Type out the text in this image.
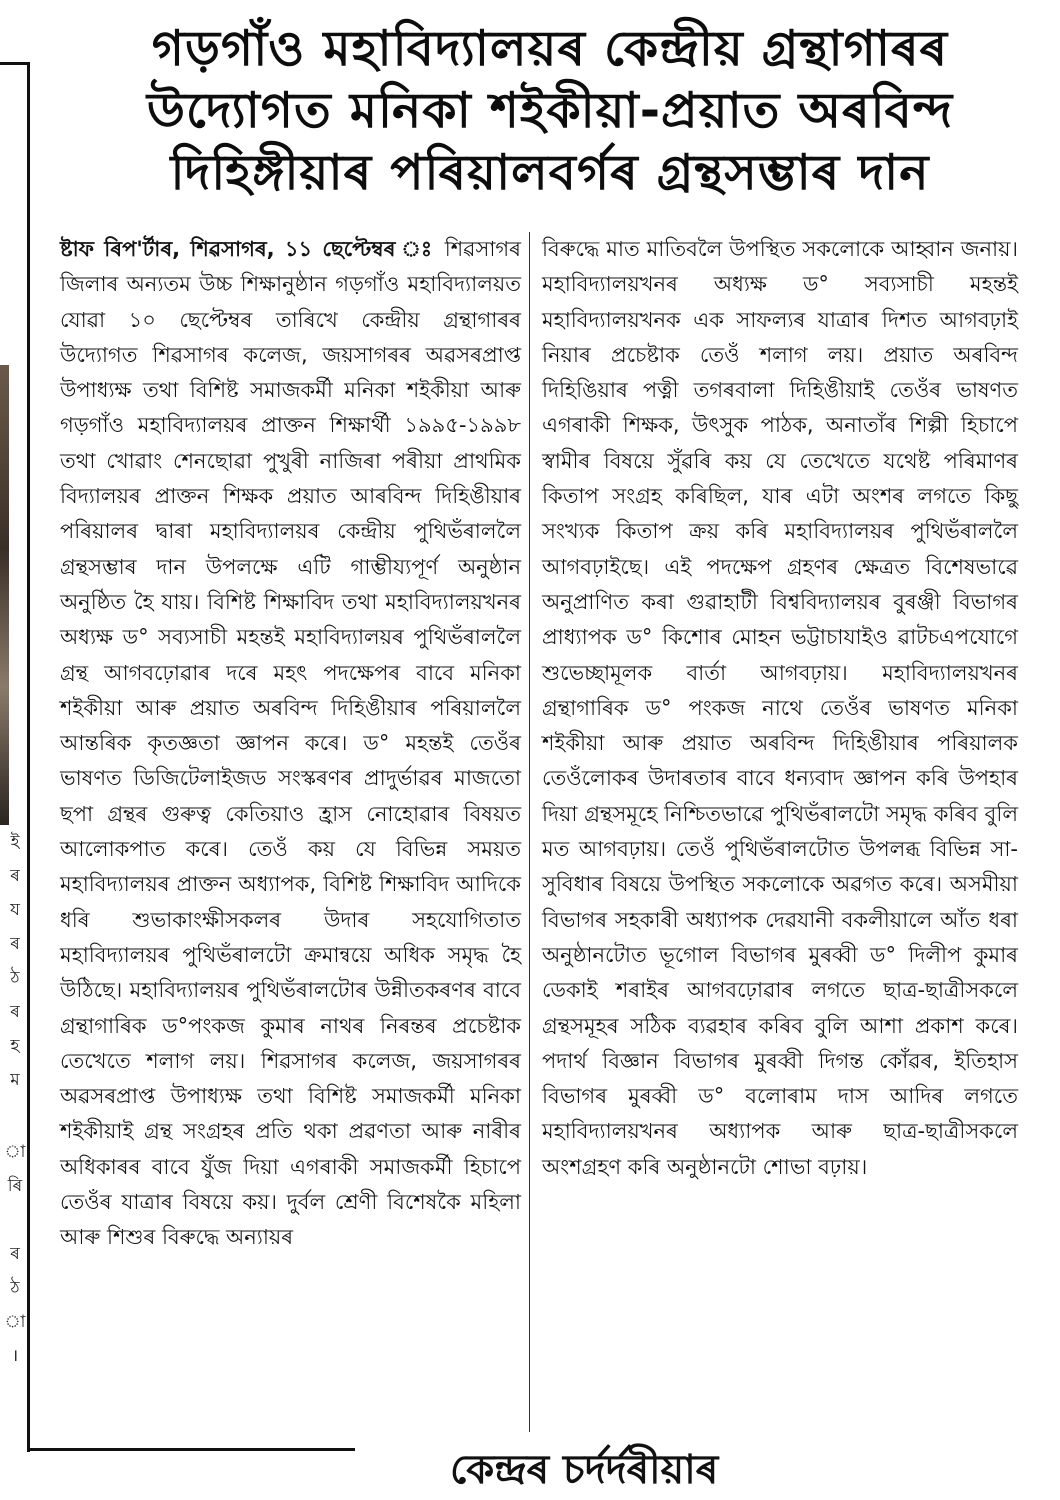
ই
ৰ
য
ৰ
ঠ
ৰ
হ
ম
া
ৰি
ৰ
ঠ
া
।
গড়গাঁও মহাবিদ্যালয়ৰ কেন্দ্ৰীয় গ্ৰন্থাগাৰৰ
উদ্যোগত মনিকা শইকীয়া-প্ৰয়াত অৰবিন্দ
দিহিঙ্গীয়াৰ পৰিয়ালবৰ্গৰ গ্ৰন্থসম্ভাৰ দান

ষ্টাফ ৰিপ'ৰ্টাৰ, শিৱসাগৰ, ১১ ছেপ্টেম্বৰ ঃ শিৱসাগৰ জিলাৰ অন্যতম উচ্চ শিক্ষানুষ্ঠান গড়গাঁও মহাবিদ্যালয়ত যোৱা ১০ ছেপ্টেম্বৰ তাৰিখে কেন্দ্ৰীয় গ্ৰন্থাগাৰৰ উদ্যোগত শিৱসাগৰ কলেজ, জয়সাগৰৰ অৱসৰপ্ৰাপ্ত উপাধ্যক্ষ তথা বিশিষ্ট সমাজকৰ্মী মনিকা শইকীয়া আৰু গড়গাঁও মহাবিদ্যালয়ৰ প্ৰাক্তন শিক্ষাৰ্থী ১৯৯৫-১৯৯৮ তথা খোৱাং শেনছোৱা পুখুৰী নাজিৰা পৰীয়া প্ৰাথমিক বিদ্যালয়ৰ প্ৰাক্তন শিক্ষক প্ৰয়াত আৰবিন্দ দিহিঙীয়াৰ পৰিয়ালৰ দ্বাৰা মহাবিদ্যালয়ৰ কেন্দ্ৰীয় পুথিভঁৰাললৈ গ্ৰন্থসম্ভাৰ দান উপলক্ষে এটি গাম্ভীয্যপূৰ্ণ অনুষ্ঠান অনুষ্ঠিত হৈ যায়। বিশিষ্ট শিক্ষাবিদ তথা মহাবিদ্যালয়খনৰ অধ্যক্ষ ড° সব্যসাচী মহন্তই মহাবিদ্যালয়ৰ পুথিভঁৰাললৈ গ্ৰন্থ আগবঢ়োৱাৰ দৰে মহৎ পদক্ষেপৰ বাবে মনিকা শইকীয়া আৰু প্ৰয়াত অৰবিন্দ দিহিঙীয়াৰ পৰিয়াললৈ আন্তৰিক কৃতজ্ঞতা জ্ঞাপন কৰে। ড° মহন্তই তেওঁৰ ভাষণত ডিজিটেলাইজড সংস্কৰণৰ প্ৰাদুৰ্ভাৱৰ মাজতো ছপা গ্ৰন্থৰ গুৰুত্ব কেতিয়াও হ্ৰাস নোহোৱাৰ বিষয়ত আলোকপাত কৰে। তেওঁ কয় যে বিভিন্ন সময়ত মহাবিদ্যালয়ৰ প্ৰাক্তন অধ্যাপক, বিশিষ্ট শিক্ষাবিদ আদিকে ধৰি শুভাকাংক্ষীসকলৰ উদাৰ সহযোগিতাত মহাবিদ্যালয়ৰ পুথিভঁৰালটো ক্ৰমান্বয়ে অধিক সমৃদ্ধ হৈ উঠিছে। মহাবিদ্যালয়ৰ পুথিভঁৰালটোৰ উন্নীতকৰণৰ বাবে গ্ৰন্থাগাৰিক ড°পংকজ কুমাৰ নাথৰ নিৰন্তৰ প্ৰচেষ্টাক তেখেতে শলাগ লয়। শিৱসাগৰ কলেজ, জয়সাগৰৰ অৱসৰপ্ৰাপ্ত উপাধ্যক্ষ তথা বিশিষ্ট সমাজকৰ্মী মনিকা শইকীয়াই গ্ৰন্থ সংগ্ৰহৰ প্ৰতি থকা প্ৰৱণতা আৰু নাৰীৰ অধিকাৰৰ বাবে যুঁজ দিয়া এগৰাকী সমাজকৰ্মী হিচাপে তেওঁৰ যাত্ৰাৰ বিষয়ে কয়। দুৰ্বল শ্ৰেণী বিশেষকৈ মহিলা আৰু শিশুৰ বিৰুদ্ধে অন্যায়ৰ

বিৰুদ্ধে মাত মাতিবলৈ উপস্থিত সকলোকে আহ্বান জনায়। মহাবিদ্যালয়খনৰ অধ্যক্ষ ড° সব্যসাচী মহন্তই মহাবিদ্যালয়খনক এক সাফল্যৰ যাত্ৰাৰ দিশত আগবঢ়াই নিয়াৰ প্ৰচেষ্টাক তেওঁ শলাগ লয়। প্ৰয়াত অৰবিন্দ দিহিঙিয়াৰ পত্নী তগৰবালা দিহিঙীয়াই তেওঁৰ ভাষণত এগৰাকী শিক্ষক, উৎসুক পাঠক, অনাতাঁৰ শিল্পী হিচাপে স্বামীৰ বিষয়ে সুঁৱৰি কয় যে তেখেতে যথেষ্ট পৰিমাণৰ কিতাপ সংগ্ৰহ কৰিছিল, যাৰ এটা অংশৰ লগতে কিছু সংখ্যক কিতাপ ক্ৰয় কৰি মহাবিদ্যালয়ৰ পুথিভঁৰাললৈ আগবঢ়াইছে। এই পদক্ষেপ গ্ৰহণৰ ক্ষেত্ৰত বিশেষভাৱে অনুপ্ৰাণিত কৰা গুৱাহাটী বিশ্ববিদ্যালয়ৰ বুৰঞ্জী বিভাগৰ প্ৰাধ্যাপক ড° কিশোৰ মোহন ভট্টাচাযাইও ৱাটচএপযোগে শুভেচ্ছামূলক বাৰ্তা আগবঢ়ায়। মহাবিদ্যালয়খনৰ গ্ৰন্থাগাৰিক ড° পংকজ নাথে তেওঁৰ ভাষণত মনিকা শইকীয়া আৰু প্ৰয়াত অৰবিন্দ দিহিঙীয়াৰ পৰিয়ালক তেওঁলোকৰ উদাৰতাৰ বাবে ধন্যবাদ জ্ঞাপন কৰি উপহাৰ দিয়া গ্ৰন্থসমূহে নিশ্চিতভাৱে পুথিভঁৰালটো সমৃদ্ধ কৰিব বুলি মত আগবঢ়ায়। তেওঁ পুথিভঁৰালটোত উপলব্ধ বিভিন্ন সা-সুবিধাৰ বিষয়ে উপস্থিত সকলোকে অৱগত কৰে। অসমীয়া বিভাগৰ সহকাৰী অধ্যাপক দেৱযানী বকলীয়ালে আঁত ধৰা অনুষ্ঠানটোত ভূগোল বিভাগৰ মুৰব্বী ড° দিলীপ কুমাৰ ডেকাই শৰাইৰ আগবঢ়োৱাৰ লগতে ছাত্ৰ-ছাত্ৰীসকলে গ্ৰন্থসমূহৰ সঠিক ব্যৱহাৰ কৰিব বুলি আশা প্ৰকাশ কৰে। পদাৰ্থ বিজ্ঞান বিভাগৰ মুৰব্বী দিগন্ত কোঁৱৰ, ইতিহাস বিভাগৰ মুৰব্বী ড° বলোৰাম দাস আদিৰ লগতে মহাবিদ্যালয়খনৰ অধ্যাপক আৰু ছাত্ৰ-ছাত্ৰীসকলে অংশগ্ৰহণ কৰি অনুষ্ঠানটো শোভা বঢ়ায়।

কেন্দ্ৰৰ চৰ্দৰ্দৰীয়াৰ
